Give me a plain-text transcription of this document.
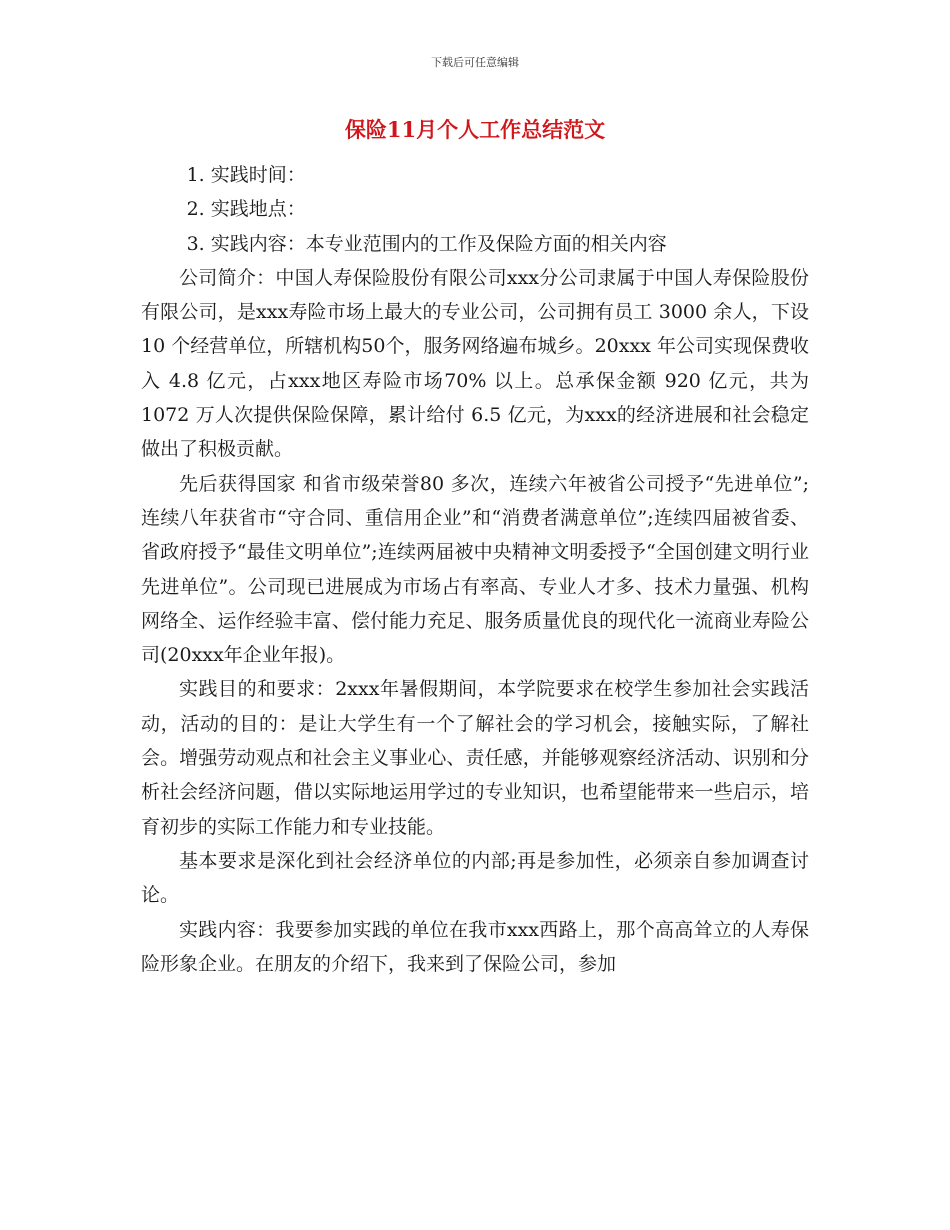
下载后可任意编辑
保险11月个人工作总结范文

1. 实践时间：

2. 实践地点：

3. 实践内容：本专业范围内的工作及保险方面的相关内容

公司简介：中国人寿保险股份有限公司xxx分公司隶属于中国人寿保险股份有限公司，是xxx寿险市场上最大的专业公司，公司拥有员工 3000 余人，下设 10 个经营单位，所辖机构50个，服务网络遍布城乡。20xxx 年公司实现保费收入 4.8 亿元，占xxx地区寿险市场70% 以上。总承保金额 920 亿元，共为 1072 万人次提供保险保障，累计给付 6.5 亿元，为xxx的经济进展和社会稳定做出了积极贡献。

先后获得国家 和省市级荣誉80 多次，连续六年被省公司授予“先进单位”;连续八年获省市“守合同、重信用企业”和“消费者满意单位”;连续四届被省委、省政府授予“最佳文明单位”;连续两届被中央精神文明委授予“全国创建文明行业先进单位”。公司现已进展成为市场占有率高、专业人才多、技术力量强、机构网络全、运作经验丰富、偿付能力充足、服务质量优良的现代化一流商业寿险公司(20xxx年企业年报)。

实践目的和要求：2xxx年暑假期间，本学院要求在校学生参加社会实践活动，活动的目的：是让大学生有一个了解社会的学习机会，接触实际，了解社会。增强劳动观点和社会主义事业心、责任感，并能够观察经济活动、识别和分析社会经济问题，借以实际地运用学过的专业知识，也希望能带来一些启示，培育初步的实际工作能力和专业技能。

基本要求是深化到社会经济单位的内部;再是参加性，必须亲自参加调查讨论。

实践内容：我要参加实践的单位在我市xxx西路上，那个高高耸立的人寿保险形象企业。在朋友的介绍下，我来到了保险公司，参加
